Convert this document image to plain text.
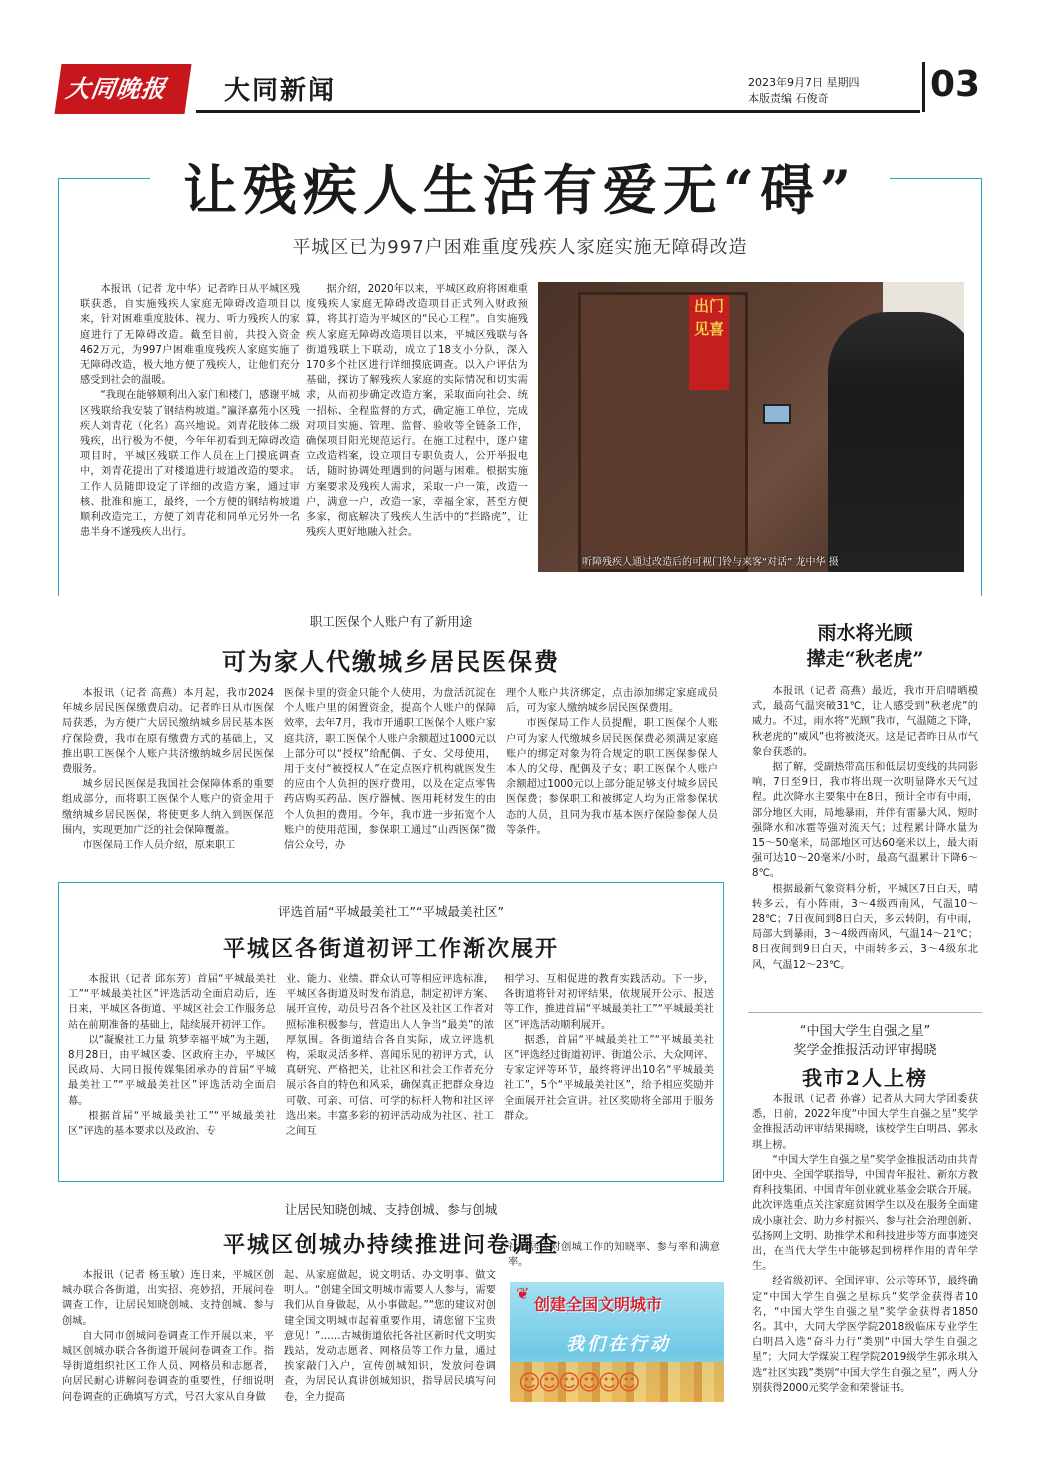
大同晚报	大同新闻	2023年9月7日 星期四
本版责编 石俊奇	03
让残疾人生活有爱无“碍”
平城区已为997户困难重度残疾人家庭实施无障碍改造

本报讯（记者 龙中华）记者昨日从平城区残联获悉，自实施残疾人家庭无障碍改造项目以来，针对困难重度肢体、视力、听力残疾人的家庭进行了无障碍改造。截至目前，共投入资金462万元，为997户困难重度残疾人家庭实施了无障碍改造，极大地方便了残疾人，让他们充分感受到社会的温暖。

“我现在能够顺利出入家门和楼门，感谢平城区残联给我安装了钢结构坡道。”瀛泽嘉苑小区残疾人刘青花（化名）高兴地说。刘青花肢体二级残疾，出行极为不便，今年年初看到无障碍改造项目时，平城区残联工作人员在上门摸底调查中，刘青花提出了对楼道进行坡道改造的要求。工作人员随即设定了详细的改造方案，通过审核、批准和施工，最终，一个方便的钢结构坡道顺利改造完工，方便了刘青花和同单元另外一名患半身不遂残疾人出行。

据介绍，2020年以来，平城区政府将困难重度残疾人家庭无障碍改造项目正式列入财政预算，将其打造为平城区的“民心工程”。自实施残疾人家庭无障碍改造项目以来，平城区残联与各街道残联上下联动，成立了18支小分队，深入170多个社区进行详细摸底调查。以入户评估为基础，探访了解残疾人家庭的实际情况和切实需求，从而初步确定改造方案，采取面向社会、统一招标、全程监督的方式，确定施工单位，完成对项目实施、管理、监督、验收等全链条工作，确保项目阳光规范运行。在施工过程中，逐户建立改造档案，设立项目专职负责人，公开举报电话，随时协调处理遇到的问题与困难。根据实施方案要求及残疾人需求，采取一户一策，改造一户，满意一户，改造一家，幸福全家，甚至方便多家，彻底解决了残疾人生活中的“拦路虎”，让残疾人更好地融入社会。

出门见喜
听障残疾人通过改造后的可视门铃与来客“对话” 龙中华 摄
职工医保个人账户有了新用途
可为家人代缴城乡居民医保费

本报讯（记者 高燕）本月起，我市2024年城乡居民医保缴费启动。记者昨日从市医保局获悉，为方便广大居民缴纳城乡居民基本医疗保险费，我市在原有缴费方式的基础上，又推出职工医保个人账户共济缴纳城乡居民医保费服务。

城乡居民医保是我国社会保障体系的重要组成部分，而将职工医保个人账户的资金用于缴纳城乡居民医保，将使更多人纳入到医保范围内，实现更加广泛的社会保障覆盖。

市医保局工作人员介绍，原来职工

医保卡里的资金只能个人使用，为盘活沉淀在个人账户里的闲置资金，提高个人账户的保障效率，去年7月，我市开通职工医保个人账户家庭共济，职工医保个人账户余额超过1000元以上部分可以“授权”给配偶、子女、父母使用，用于支付“被授权人”在定点医疗机构就医发生的应由个人负担的医疗费用，以及在定点零售药店购买药品、医疗器械、医用耗材发生的由个人负担的费用。今年，我市进一步拓宽个人账户的使用范围，参保职工通过“山西医保”微信公众号，办

理个人账户共济绑定，点击添加绑定家庭成员后，可为家人缴纳城乡居民医保费用。

市医保局工作人员提醒，职工医保个人账户可为家人代缴城乡居民医保费必须满足家庭账户的绑定对象为符合规定的职工医保参保人本人的父母、配偶及子女；职工医保个人账户余额超过1000元以上部分能足够支付城乡居民医保费；参保职工和被绑定人均为正常参保状态的人员，且同为我市基本医疗保险参保人员等条件。

评选首届“平城最美社工”“平城最美社区”
平城区各街道初评工作渐次展开

本报讯（记者 邱东芳）首届“平城最美社工”“平城最美社区”评选活动全面启动后，连日来，平城区各街道、平城区社会工作服务总站在前期准备的基础上，陆续展开初评工作。

以“凝聚社工力量 筑梦幸福平城”为主题，8月28日，由平城区委、区政府主办，平城区民政局、大同日报传媒集团承办的首届“平城最美社工”“平城最美社区”评选活动全面启幕。

根据首届“平城最美社工”“平城最美社区”评选的基本要求以及政治、专

业、能力、业绩、群众认可等相应评选标准，平城区各街道及时发布消息，制定初评方案、展开宣传，动员号召各个社区及社区工作者对照标准积极参与，营造出人人争当“最美”的浓厚氛围。各街道结合各自实际，成立评选机构，采取灵活多样、喜闻乐见的初评方式，认真研究、严格把关，让社区和社会工作者充分展示各自的特色和风采，确保真正把群众身边可敬、可亲、可信、可学的标杆人物和社区评选出来。丰富多彩的初评活动成为社区、社工之间互

相学习、互相促进的教育实践活动。下一步，各街道将针对初评结果，依规展开公示、报送等工作，推进首届“平城最美社工”“平城最美社区”评选活动顺利展开。

据悉，首届“平城最美社工”“平城最美社区”评选经过街道初评、街道公示、大众网评、专家定评等环节，最终将评出10名“平城最美社工”，5个“平城最美社区”，给予相应奖励并全面展开社会宣讲。社区奖励将全部用于服务群众。

让居民知晓创城、支持创城、参与创城
平城区创城办持续推进问卷调查

本报讯（记者 杨玉敏）连日来，平城区创城办联合各街道，出实招、亮妙招，开展问卷调查工作，让居民知晓创城、支持创城、参与创城。

自大同市创城问卷调查工作开展以来，平城区创城办联合各街道开展问卷调查工作。指导街道组织社区工作人员、网格员和志愿者，向居民耐心讲解问卷调查的重要性，仔细说明问卷调查的正确填写方式，号召大家从自身做

起、从家庭做起，说文明话、办文明事、做文明人。“创建全国文明城市需要人人参与，需要我们从自身做起，从小事做起。”“您的建议对创建全国文明城市起着重要作用，请您留下宝贵意见！”……古城街道依托各社区新时代文明实践站，发动志愿者、网格员等工作力量，通过挨家敲门入户，宣传创城知识，发放问卷调查，为居民认真讲创城知识，指导居民填写问卷，全力提高

社区居民对创城工作的知晓率、参与率和满意率。

❦
创建全国文明城市
我们在行动
☺☺☺☺☺☺
雨水将光顾
撵走“秋老虎”

本报讯（记者 高燕）最近，我市开启晴晒模式，最高气温突破31℃，让人感受到“秋老虎”的威力。不过，雨水将“光顾”我市，气温随之下降，秋老虎的“威风”也将被浇灭。这是记者昨日从市气象台获悉的。

据了解，受副热带高压和低层切变线的共同影响，7日至9日，我市将出现一次明显降水天气过程。此次降水主要集中在8日，预计全市有中雨，部分地区大雨，局地暴雨，并伴有雷暴大风、短时强降水和冰雹等强对流天气；过程累计降水量为15～50毫米，局部地区可达60毫米以上，最大雨强可达10～20毫米/小时，最高气温累计下降6～8℃。

根据最新气象资料分析，平城区7日白天，晴转多云，有小阵雨，3～4级西南风，气温10～28℃；7日夜间到8日白天，多云转阴，有中雨，局部大到暴雨，3～4级西南风，气温14～21℃；8日夜间到9日白天，中雨转多云，3～4级东北风，气温12～23℃。

“中国大学生自强之星”
奖学金推报活动评审揭晓
我市2人上榜

本报讯（记者 孙睿）记者从大同大学团委获悉，日前，2022年度“中国大学生自强之星”奖学金推报活动评审结果揭晓，该校学生白明昌、郭永琪上榜。

“中国大学生自强之星”奖学金推报活动由共青团中央、全国学联指导，中国青年报社、新东方教育科技集团、中国青年创业就业基金会联合开展。此次评选重点关注家庭贫困学生以及在服务全面建成小康社会、助力乡村振兴、参与社会治理创新、弘扬网上文明、助推学术和科技进步等方面事迹突出，在当代大学生中能够起到榜样作用的青年学生。

经省级初评、全国评审、公示等环节，最终确定“中国大学生自强之星标兵”奖学金获得者10名，“中国大学生自强之星”奖学金获得者1850名。其中，大同大学医学院2018级临床专业学生白明昌入选“奋斗力行”类别“中国大学生自强之星”；大同大学煤炭工程学院2019级学生郭永琪入选“社区实践”类别“中国大学生自强之星”，两人分别获得2000元奖学金和荣誉证书。
